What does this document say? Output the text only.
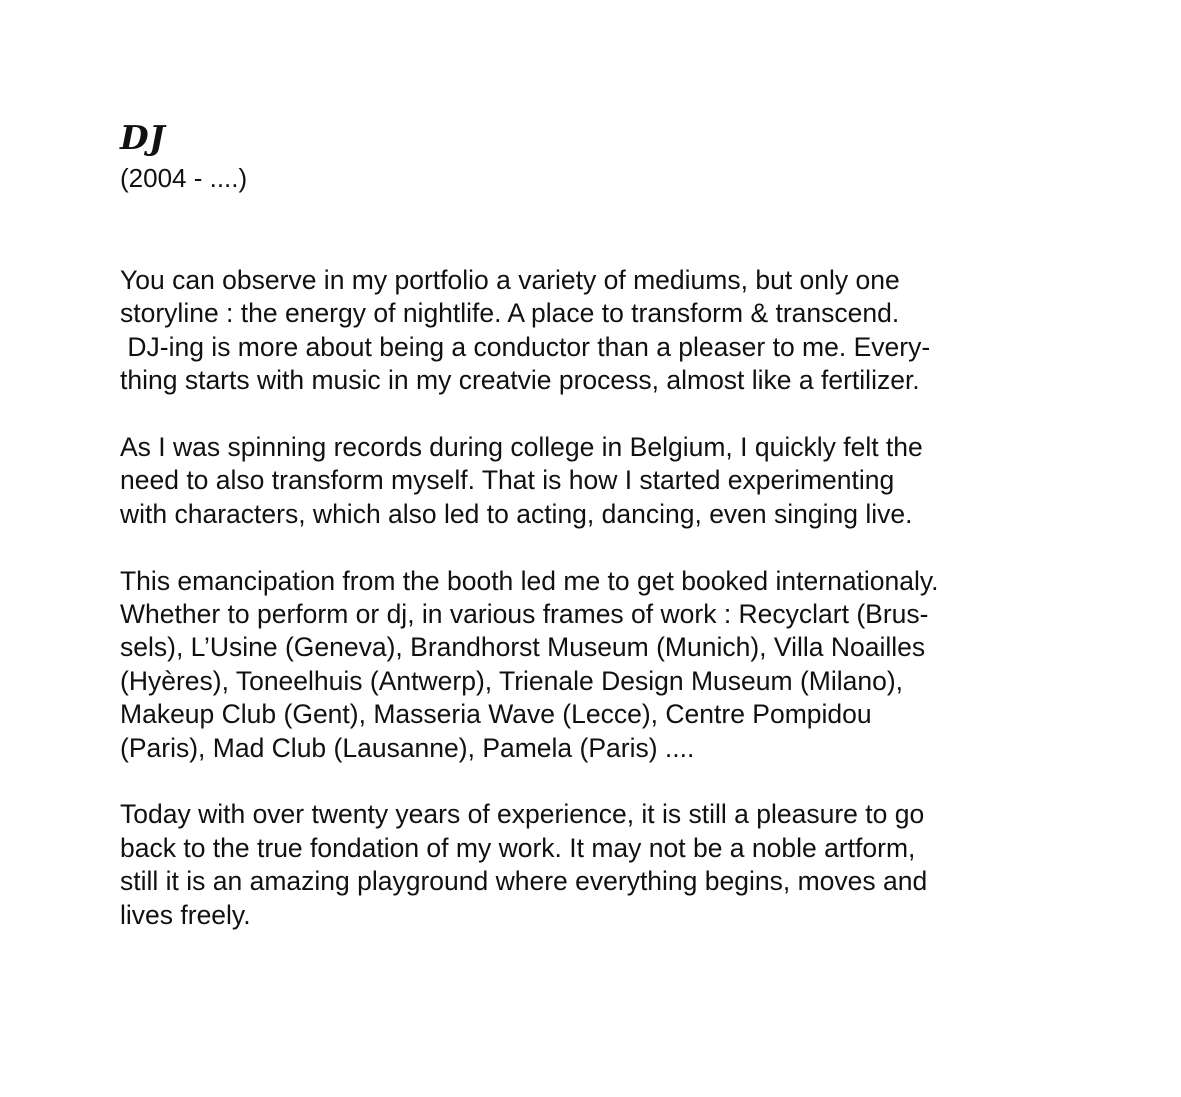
DJ
(2004 - ....)

You can observe in my portfolio a variety of mediums, but only one
storyline : the energy of nightlife. A place to transform & transcend.
DJ-ing is more about being a conductor than a pleaser to me. Every-
thing starts with music in my creatvie process, almost like a fertilizer.

As I was spinning records during college in Belgium, I quickly felt the
need to also transform myself. That is how I started experimenting
with characters, which also led to acting, dancing, even singing live.

This emancipation from the booth led me to get booked internationaly.
Whether to perform or dj, in various frames of work : Recyclart (Brus-
sels), L’Usine (Geneva), Brandhorst Museum (Munich), Villa Noailles
(Hyères), Toneelhuis (Antwerp), Trienale Design Museum (Milano),
Makeup Club (Gent), Masseria Wave (Lecce), Centre Pompidou
(Paris), Mad Club (Lausanne), Pamela (Paris) ....

Today with over twenty years of experience, it is still a pleasure to go
back to the true fondation of my work. It may not be a noble artform,
still it is an amazing playground where everything begins, moves and
lives freely.
